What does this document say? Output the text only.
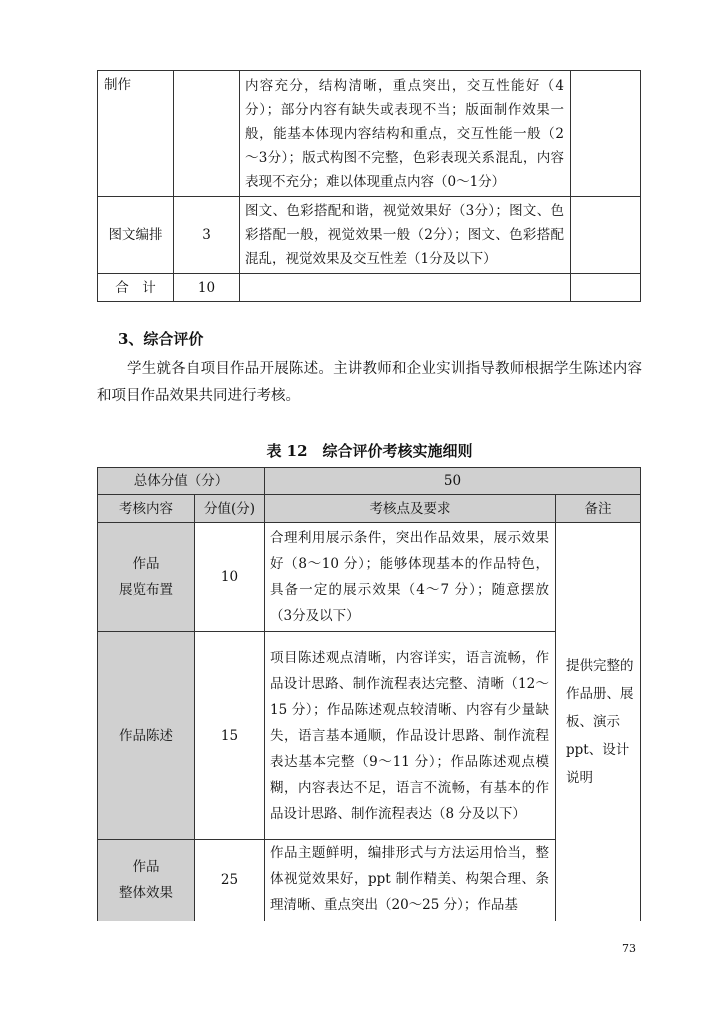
制作		内容充分，结构清晰，重点突出，交互性能好（4分）；部分内容有缺失或表现不当；版面制作效果一般，能基本体现内容结构和重点，交互性能一般（2～3分）；版式构图不完整，色彩表现关系混乱，内容表现不充分；难以体现重点内容（0～1分）	
图文编排	3	图文、色彩搭配和谐，视觉效果好（3分）；图文、色彩搭配一般，视觉效果一般（2分）；图文、色彩搭配混乱，视觉效果及交互性差（1分及以下）	
合　计	10		
3、综合评价
学生就各自项目作品开展陈述。主讲教师和企业实训指导教师根据学生陈述内容和项目作品效果共同进行考核。
表 12　综合评价考核实施细则
总体分值（分）		50	
考核内容	分值(分)	考核点及要求	备注
作品
展览布置	10	合理利用展示条件，突出作品效果，展示效果好（8～10 分）；能够体现基本的作品特色，具备一定的展示效果（4～7 分）；随意摆放（3分及以下）	提供完整的作品册、展板、演示ppt、设计说明
作品陈述	15	项目陈述观点清晰，内容详实，语言流畅，作品设计思路、制作流程表达完整、清晰（12～15 分）；作品陈述观点较清晰、内容有少量缺失，语言基本通顺，作品设计思路、制作流程表达基本完整（9～11 分）；作品陈述观点模糊，内容表达不足，语言不流畅，有基本的作品设计思路、制作流程表达（8 分及以下）	
作品
整体效果	25	作品主题鲜明，编排形式与方法运用恰当，整体视觉效果好，ppt 制作精美、构架合理、条理清晰、重点突出（20～25 分）；作品基	
73
